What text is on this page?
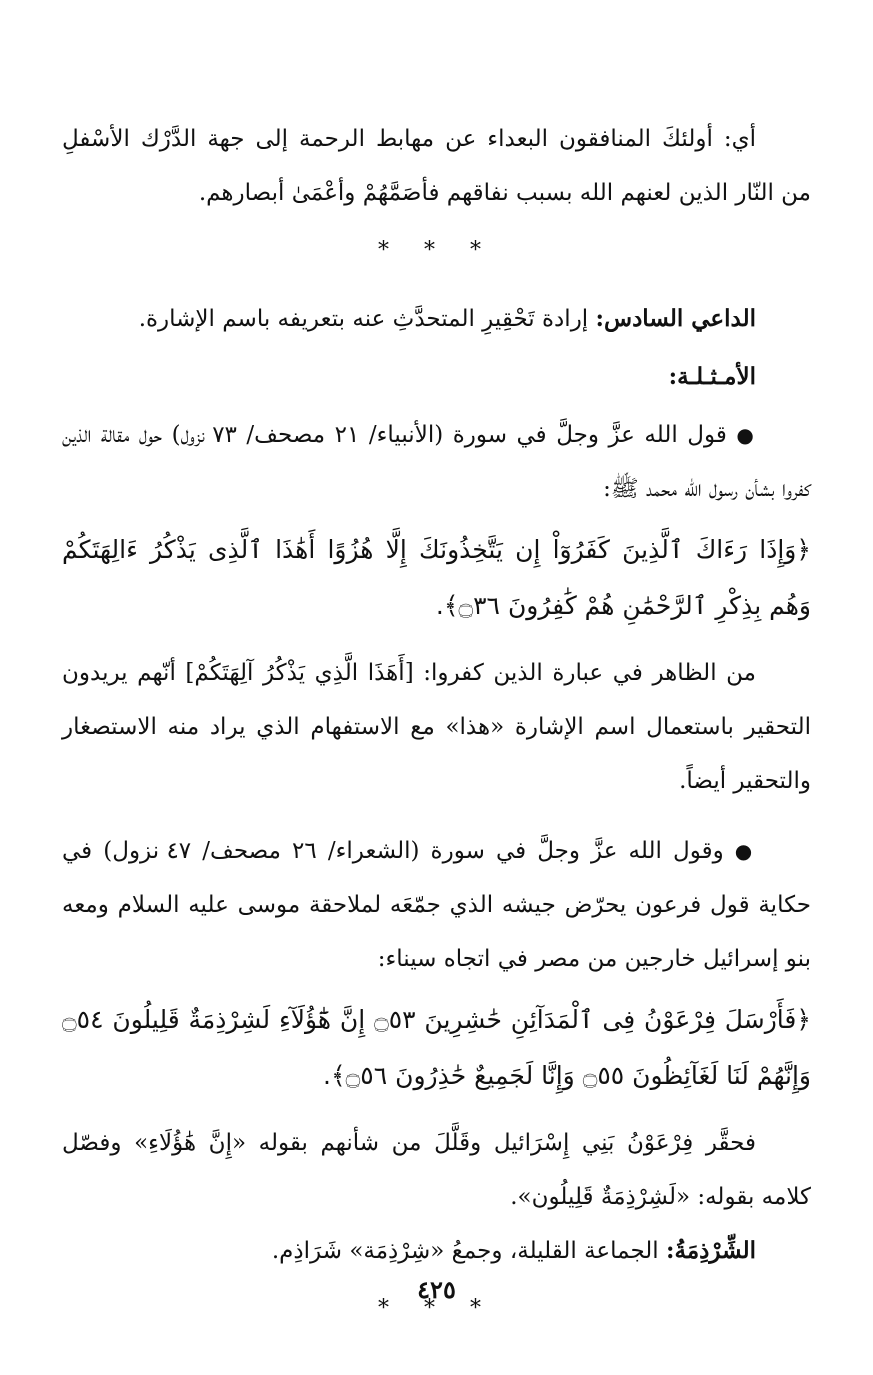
أي: أولئكَ المنافقون البعداء عن مهابط الرحمة إلى جهة الدَّرْك الأسْفلِ من النّار الذين لعنهم الله بسبب نفاقهم فأصَمَّهُمْ وأعْمَىٰ أبصارهم.

* * *

الداعي السادس: إرادة تَحْقِيرِ المتحدَّثِ عنه بتعريفه باسم الإشارة.

الأمـثـلـة:

● قول الله عزَّ وجلَّ في سورة (الأنبياء/ ٢١ مصحف/ ٧٣ نزول) حول مقالة الذين كفروا بشأن رسول الله محمد ﷺ:

﴿وَإِذَا رَءَاكَ ٱلَّذِينَ كَفَرُوٓاْ إِن يَتَّخِذُونَكَ إِلَّا هُزُوًا أَهَٰذَا ٱلَّذِى يَذْكُرُ ءَالِهَتَكُمْ وَهُم بِذِكْرِ ٱلرَّحْمَٰنِ هُمْ كَٰفِرُونَ ۝٣٦﴾.

من الظاهر في عبارة الذين كفروا: [أَهَذَا الَّذِي يَذْكُرُ آلِهَتَكُمْ] أنّهم يريدون التحقير باستعمال اسم الإشارة «هذا» مع الاستفهام الذي يراد منه الاستصغار والتحقير أيضاً.

● وقول الله عزَّ وجلَّ في سورة (الشعراء/ ٢٦ مصحف/ ٤٧ نزول) في حكاية قول فرعون يحرّض جيشه الذي جمّعَه لملاحقة موسى عليه السلام ومعه بنو إسرائيل خارجين من مصر في اتجاه سيناء:

﴿فَأَرْسَلَ فِرْعَوْنُ فِى ٱلْمَدَآئِنِ حَٰشِرِينَ ۝٥٣ إِنَّ هَٰٓؤُلَآءِ لَشِرْذِمَةٌ قَلِيلُونَ ۝٥٤ وَإِنَّهُمْ لَنَا لَغَآئِظُونَ ۝٥٥ وَإِنَّا لَجَمِيعٌ حَٰذِرُونَ ۝٥٦﴾.

فحقَّر فِرْعَوْنُ بَنِي إِسْرَائيل وقَلَّلَ من شأنهم بقوله «إِنَّ هَٰؤُلَاءِ» وفصّل كلامه بقوله: «لَشِرْذِمَةٌ قَلِيلُون».

الشِّرْذِمَةُ: الجماعة القليلة، وجمعُ «شِرْذِمَة» شَرَاذِم.

* * *
٤٢٥
